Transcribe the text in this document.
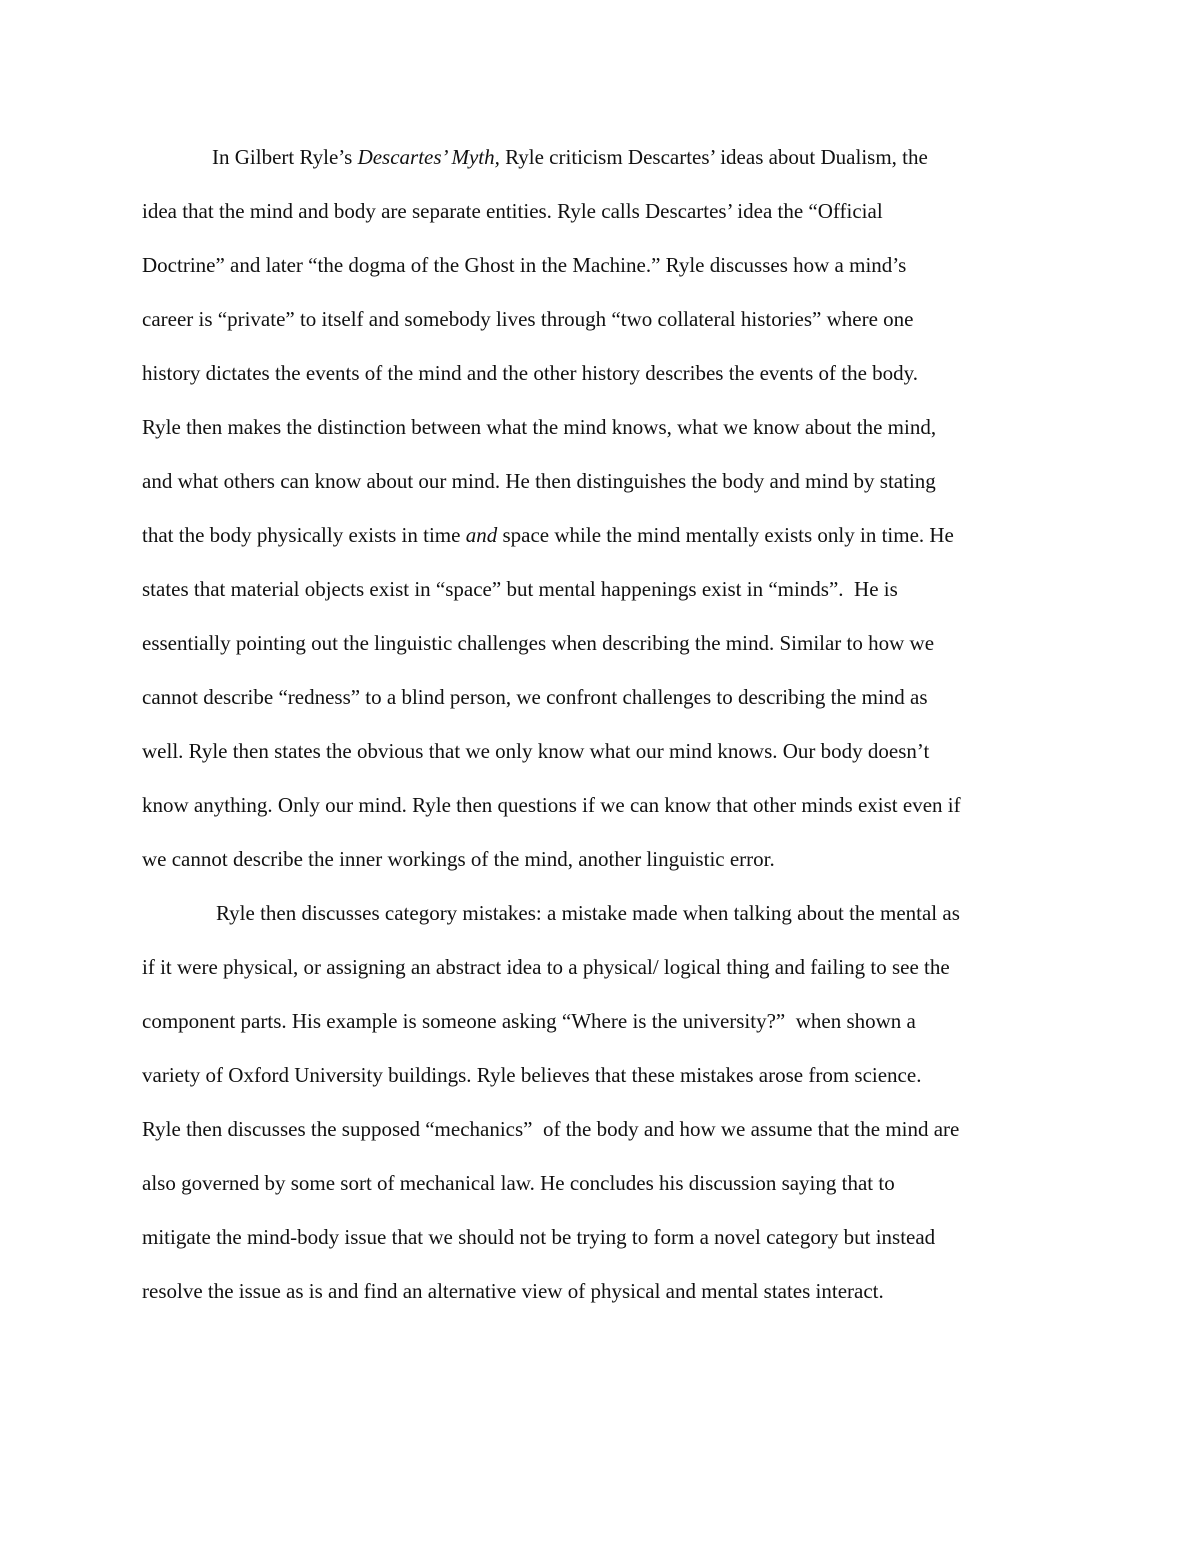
In Gilbert Ryle’s Descartes’ Myth, Ryle criticism Descartes’ ideas about Dualism, the
idea that the mind and body are separate entities. Ryle calls Descartes’ idea the “Official
Doctrine” and later “the dogma of the Ghost in the Machine.” Ryle discusses how a mind’s
career is “private” to itself and somebody lives through “two collateral histories” where one
history dictates the events of the mind and the other history describes the events of the body.
Ryle then makes the distinction between what the mind knows, what we know about the mind,
and what others can know about our mind. He then distinguishes the body and mind by stating
that the body physically exists in time and space while the mind mentally exists only in time. He
states that material objects exist in “space” but mental happenings exist in “minds”.  He is
essentially pointing out the linguistic challenges when describing the mind. Similar to how we
cannot describe “redness” to a blind person, we confront challenges to describing the mind as
well. Ryle then states the obvious that we only know what our mind knows. Our body doesn’t
know anything. Only our mind. Ryle then questions if we can know that other minds exist even if
we cannot describe the inner workings of the mind, another linguistic error.
Ryle then discusses category mistakes: a mistake made when talking about the mental as
if it were physical, or assigning an abstract idea to a physical/ logical thing and failing to see the
component parts. His example is someone asking “Where is the university?”  when shown a
variety of Oxford University buildings. Ryle believes that these mistakes arose from science.
Ryle then discusses the supposed “mechanics”  of the body and how we assume that the mind are
also governed by some sort of mechanical law. He concludes his discussion saying that to
mitigate the mind-body issue that we should not be trying to form a novel category but instead
resolve the issue as is and find an alternative view of physical and mental states interact.
